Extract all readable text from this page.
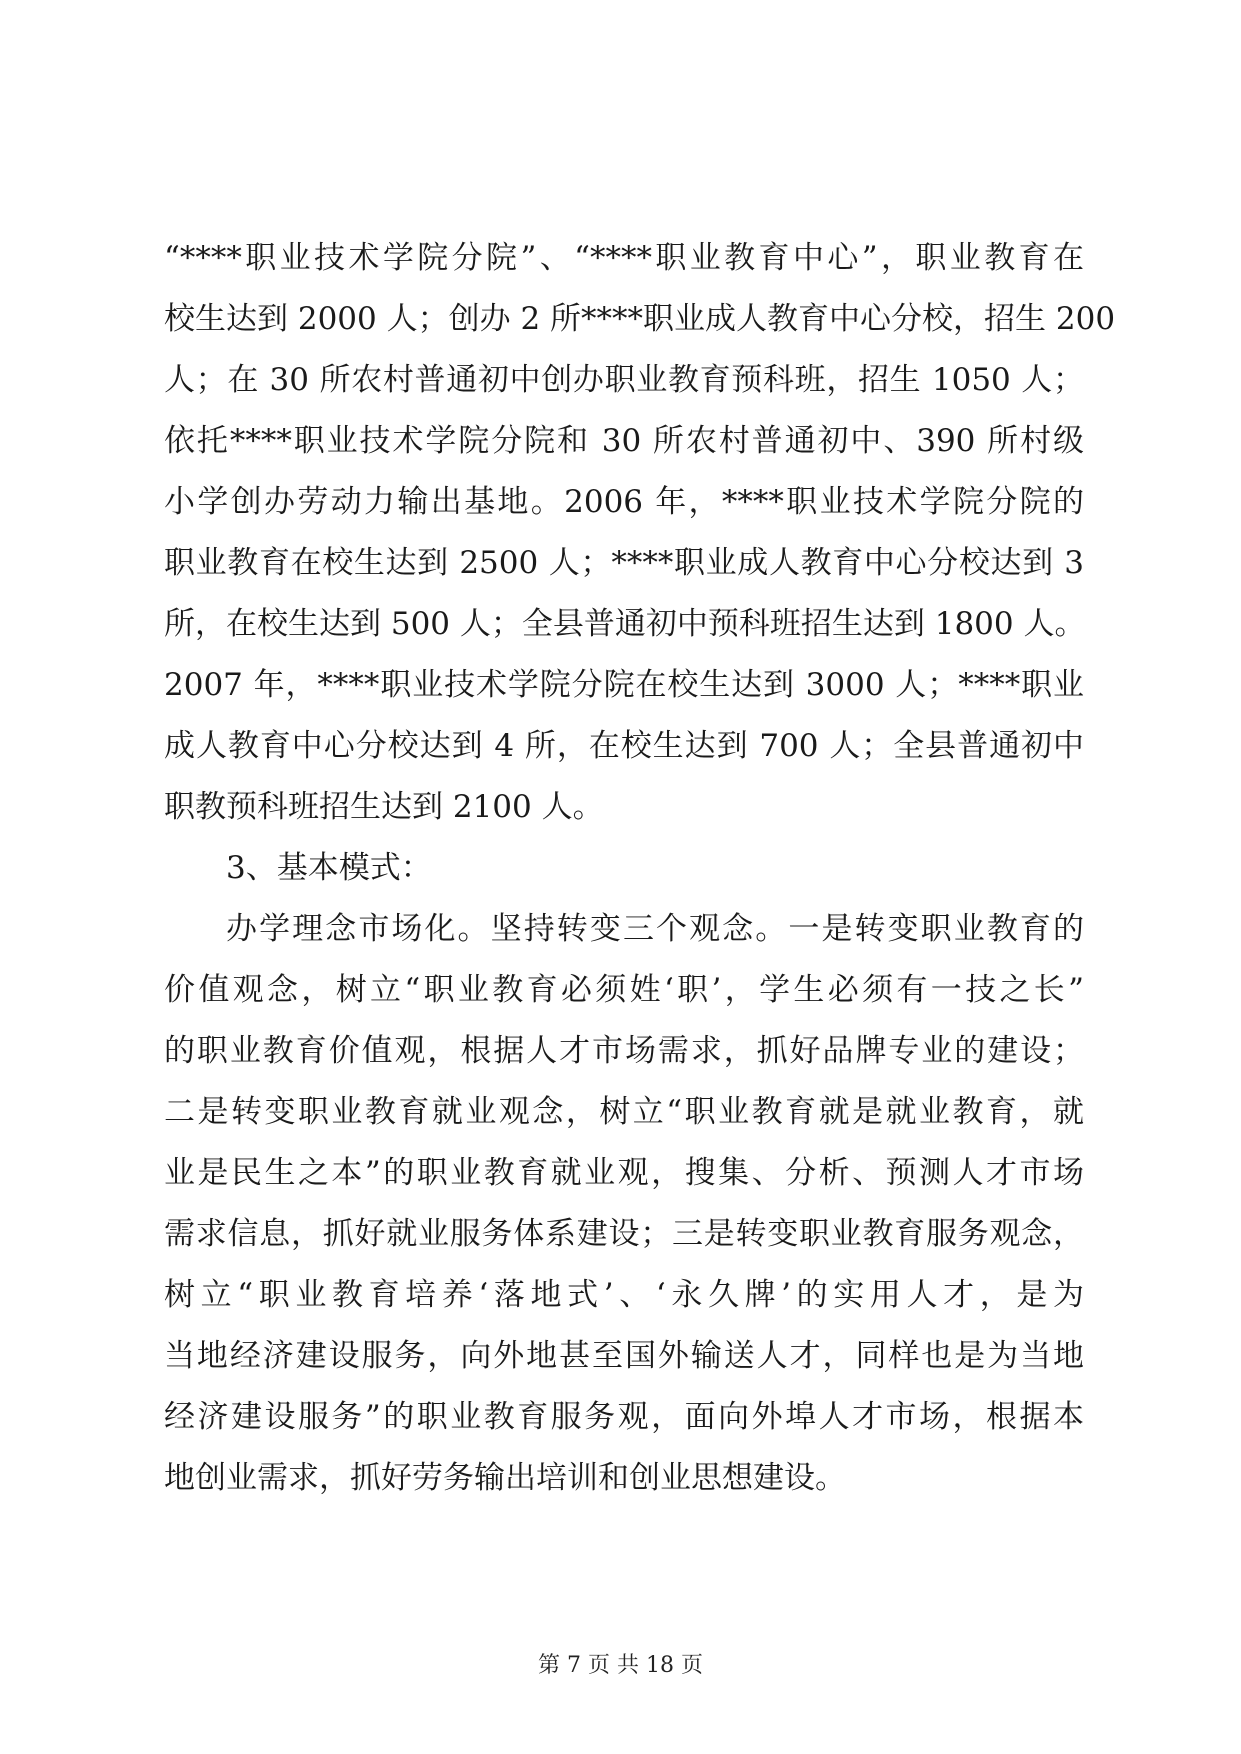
“****职业技术学院分院”、“****职业教育中心”，职业教育在
校生达到 2000 人；创办 2 所****职业成人教育中心分校，招生 200
人；在 30 所农村普通初中创办职业教育预科班，招生 1050 人；
依托****职业技术学院分院和 30 所农村普通初中、390 所村级
小学创办劳动力输出基地。2006 年，****职业技术学院分院的
职业教育在校生达到 2500 人；****职业成人教育中心分校达到 3
所，在校生达到 500 人；全县普通初中预科班招生达到 1800 人。
2007 年，****职业技术学院分院在校生达到 3000 人；****职业
成人教育中心分校达到 4 所，在校生达到 700 人；全县普通初中
职教预科班招生达到 2100 人。
3、基本模式：
办学理念市场化。坚持转变三个观念。一是转变职业教育的
价值观念，树立“职业教育必须姓‘职’，学生必须有一技之长”
的职业教育价值观，根据人才市场需求，抓好品牌专业的建设；
二是转变职业教育就业观念，树立“职业教育就是就业教育，就
业是民生之本”的职业教育就业观，搜集、分析、预测人才市场
需求信息，抓好就业服务体系建设；三是转变职业教育服务观念，
树立“职业教育培养‘落地式’、‘永久牌’的实用人才，是为
当地经济建设服务，向外地甚至国外输送人才，同样也是为当地
经济建设服务”的职业教育服务观，面向外埠人才市场，根据本
地创业需求，抓好劳务输出培训和创业思想建设。
第 7 页 共 18 页
